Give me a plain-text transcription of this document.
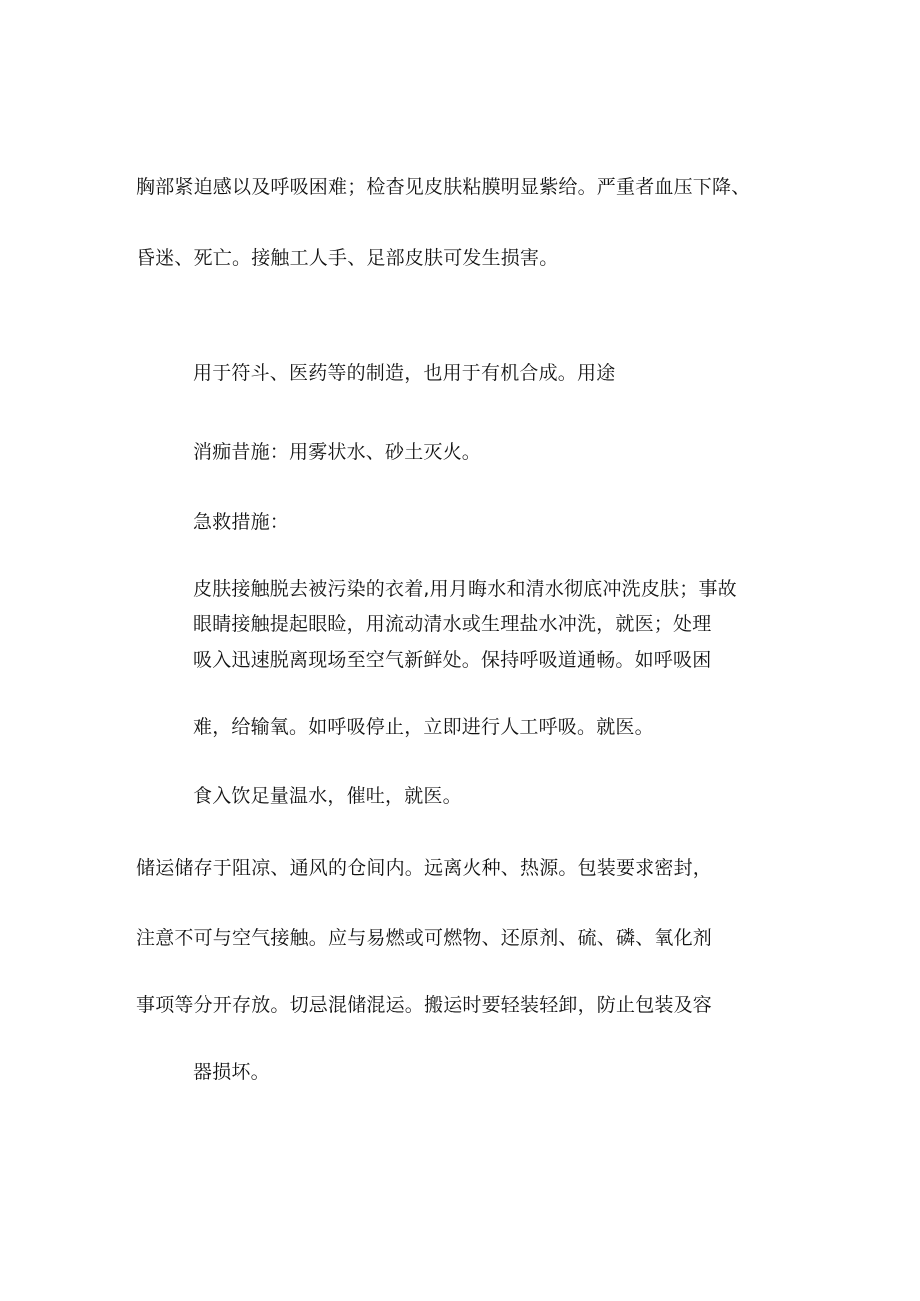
胸部紧迫感以及呼吸困难；检杳见皮肤粘膜明显紫给。严重者血压下降、
昏迷、死亡。接触工人手、足部皮肤可发生损害。
用于符斗、医药等的制造，也用于有机合成。用途
消痂昔施：用雾状水、砂土灭火。
急救措施：
皮肤接触脱去被污染的衣着,用月晦水和清水彻底冲洗皮肤；事故
眼睛接触提起眼睑，用流动清水或生理盐水冲洗，就医；处理
吸入迅速脱离现场至空气新鲜处。保持呼吸道通畅。如呼吸困
难，给输氧。如呼吸停止，立即进行人工呼吸。就医。
食入饮足量温水，催吐，就医。
储运储存于阻凉、通风的仓间内。远离火种、热源。包装要求密封，
注意不可与空气接触。应与易燃或可燃物、还原剂、硫、磷、氧化剂
事项等分开存放。切忌混储混运。搬运时要轻装轻卸，防止包装及容
器损坏。
